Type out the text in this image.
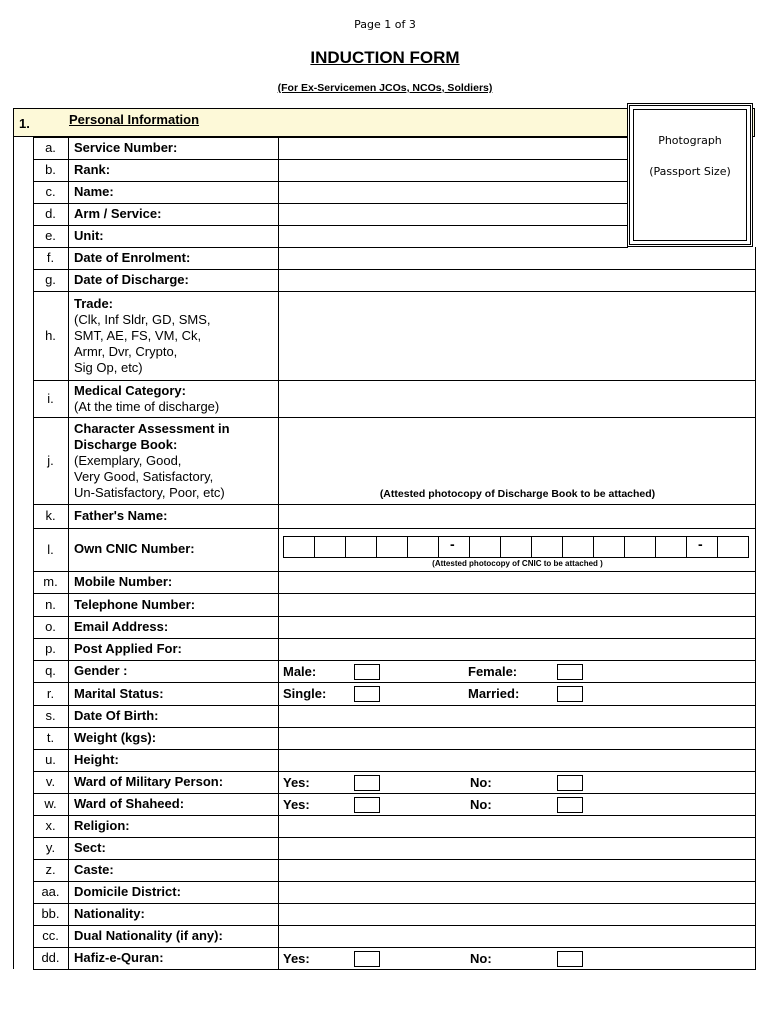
Page 1 of 3
INDUCTION FORM
(For Ex-Servicemen JCOs, NCOs, Soldiers)
1.	Personal Information
a.	Service Number:
b.	Rank:
c.	Name:
d.	Arm / Service:
e.	Unit:
f.	Date of Enrolment:
g.	Date of Discharge:
h.
Trade:
(Clk, Inf Sldr, GD, SMS,
SMT, AE, FS, VM, Ck,
Armr, Dvr, Crypto,
Sig Op, etc)
i.
Medical Category:
(At the time of discharge)
j.
Character Assessment in
Discharge Book:
(Exemplary, Good,
Very Good, Satisfactory,
Un-Satisfactory, Poor, etc)	(Attested photocopy of Discharge Book to be attached)
k.	Father's Name:
l.	Own CNIC Number:	-	-
(Attested photocopy of CNIC to be attached )
m.	Mobile Number:
n.	Telephone Number:
o.	Email Address:
p.	Post Applied For:
q.	Gender :	Male:	Female:
r.	Marital Status:	Single:	Married:
s.	Date Of Birth:
t.	Weight (kgs):
u.	Height:
v.	Ward of Military Person:	Yes:	No:
w.	Ward of Shaheed:	Yes:	No:
x.	Religion:
y.	Sect:
z.	Caste:
aa.	Domicile District:
bb.	Nationality:
cc.	Dual Nationality (if any):
dd.	Hafiz-e-Quran:	Yes:	No:
Photograph
(Passport Size)
